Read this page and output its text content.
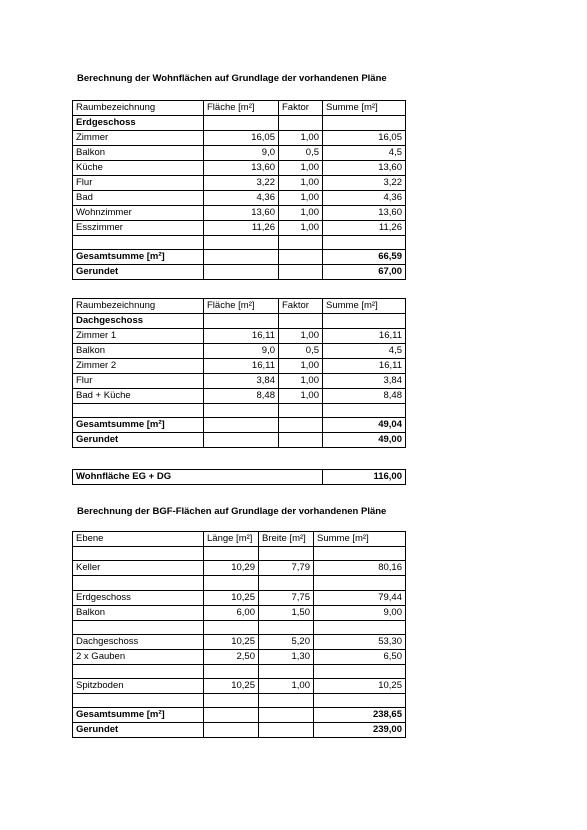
Berechnung der Wohnflächen auf Grundlage der vorhandenen Pläne
Raumbezeichnung	Fläche [m²]	Faktor	Summe [m²]
Erdgeschoss			
Zimmer	16,05	1,00	16,05
Balkon	9,0	0,5	4,5
Küche	13,60	1,00	13,60
Flur	3,22	1,00	3,22
Bad	4,36	1,00	4,36
Wohnzimmer	13,60	1,00	13,60
Esszimmer	11,26	1,00	11,26

Gesamtsumme [m²]			66,59
Gerundet			67,00
Raumbezeichnung	Fläche [m²]	Faktor	Summe [m²]
Dachgeschoss			
Zimmer 1	16,11	1,00	16,11
Balkon	9,0	0,5	4,5
Zimmer 2	16,11	1,00	16,11
Flur	3,84	1,00	3,84
Bad + Küche	8,48	1,00	8,48

Gesamtsumme [m²]			49,04
Gerundet			49,00
Wohnfläche EG + DG	116,00
Berechnung der BGF-Flächen auf Grundlage der vorhandenen Pläne
Ebene	Länge [m²]	Breite [m²]	Summe [m²]

Keller	10,29	7,79	80,16

Erdgeschoss	10,25	7,75	79,44
Balkon	6,00	1,50	9,00

Dachgeschoss	10,25	5,20	53,30
2 x Gauben	2,50	1,30	6,50

Spitzboden	10,25	1,00	10,25

Gesamtsumme [m²]			238,65
Gerundet			239,00
